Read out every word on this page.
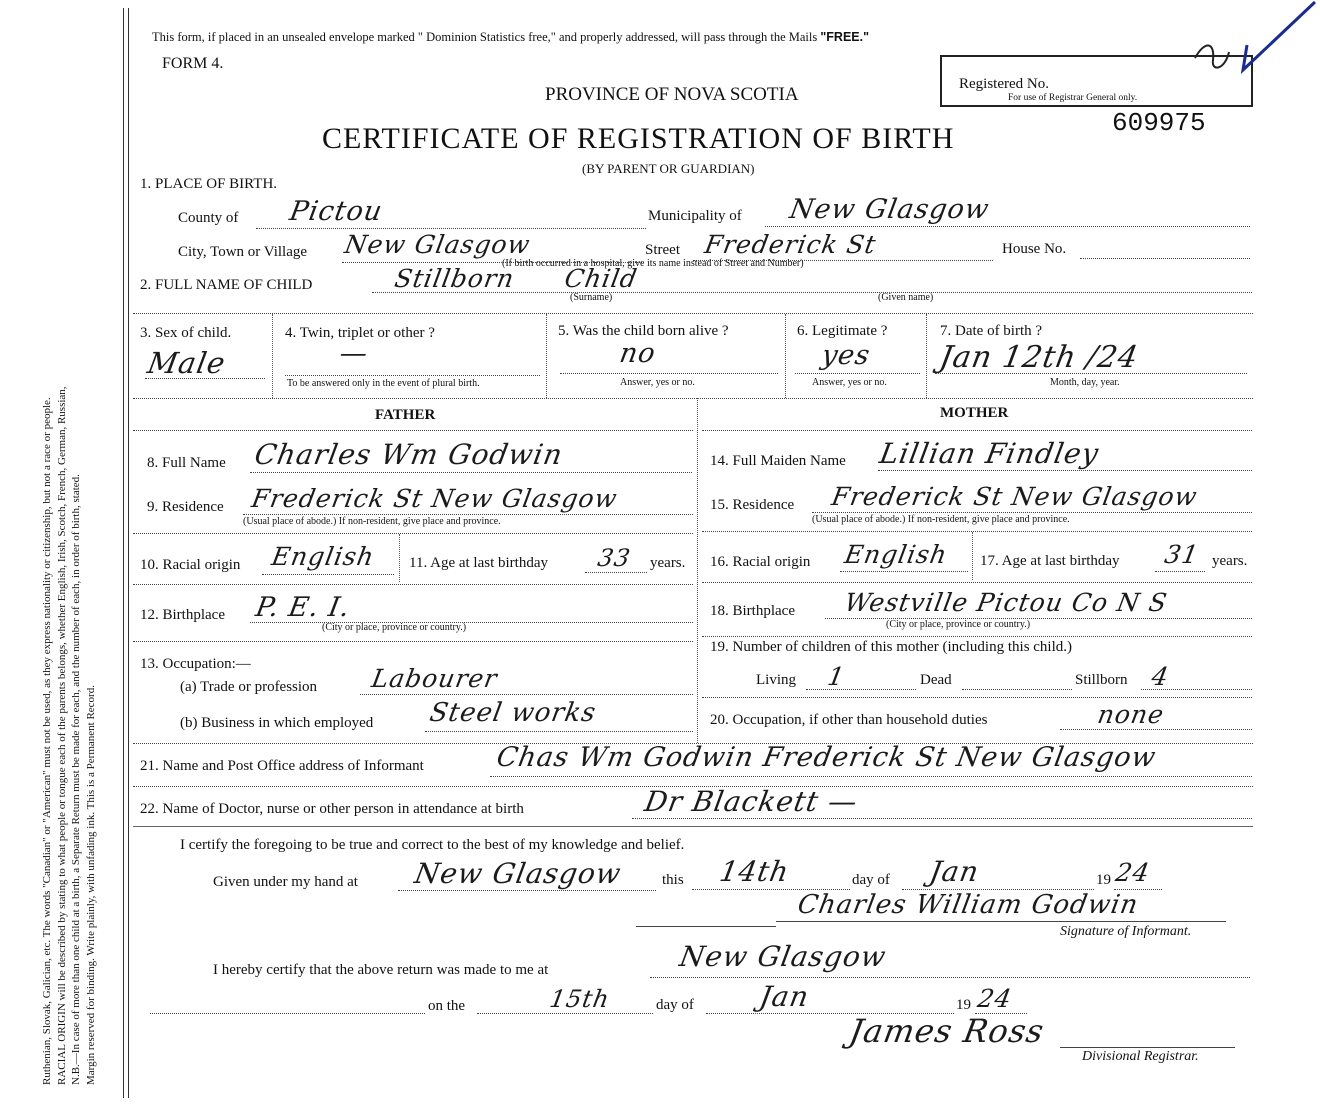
Ruthenian, Slovak, Galician, etc. The words "Canadian" or "American" must not be used, as they express nationality or citizenship, but not a race or people. RACIAL ORIGIN will be described by stating to what people or tongue each of the parents belongs, whether English, Irish, Scotch, French, German, Russian, N.B.—In case of more than one child at a birth, a Separate Return must be made for each, and the number of each, in order of birth, stated. Margin reserved for binding. Write plainly, with unfading ink. This is a Permanent Record.
This form, if placed in an unsealed envelope marked " Dominion Statistics free," and properly addressed, will pass through the Mails "FREE."
FORM 4.
PROVINCE OF NOVA SCOTIA
CERTIFICATE OF REGISTRATION OF BIRTH
(BY PARENT OR GUARDIAN)
Registered No.
For use of Registrar General only.
609975
1. PLACE OF BIRTH.
County of Pictou	Municipality of New Glasgow
City, Town or Village New Glasgow	Street Frederick St	House No.
(If birth occurred in a hospital, give its name instead of Street and Number)
2. FULL NAME OF CHILD	Stillborn Child
(Surname)	(Given name)
3. Sex of child.
Male
4. Twin, triplet or other ?
—
To be answered only in the event of plural birth.
5. Was the child born alive ?
no
Answer, yes or no.
6. Legitimate ?
yes
Answer, yes or no.
7. Date of birth ?
Jan 12th /24
Month, day, year.
FATHER
8. Full Name Charles Wm Godwin
9. Residence Frederick St New Glasgow
(Usual place of abode.) If non-resident, give place and province.
10. Racial origin English 11. Age at last birthday 33 years.
12. Birthplace P. E. I.
(City or place, province or country.)
13. Occupation:—
(a) Trade or profession Labourer
(b) Business in which employed Steel works
MOTHER
14. Full Maiden Name Lillian Findley
15. Residence Frederick St New Glasgow
(Usual place of abode.) If non-resident, give place and province.
16. Racial origin English 17. Age at last birthday 31 years.
18. Birthplace Westville Pictou Co N S
(City or place, province or country.)
19. Number of children of this mother (including this child.)
Living 1	Dead	Stillborn 4
20. Occupation, if other than household duties	none
21. Name and Post Office address of Informant	Chas Wm Godwin Frederick St New Glasgow
22. Name of Doctor, nurse or other person in attendance at birth	Dr Blackett —
I certify the foregoing to be true and correct to the best of my knowledge and belief.
Given under my hand at New Glasgow	this 14th	day of Jan	19 24
Charles William Godwin
Signature of Informant.
I hereby certify that the above return was made to me at	New Glasgow
on the	15th	day of Jan	19 24
James Ross
Divisional Registrar.
